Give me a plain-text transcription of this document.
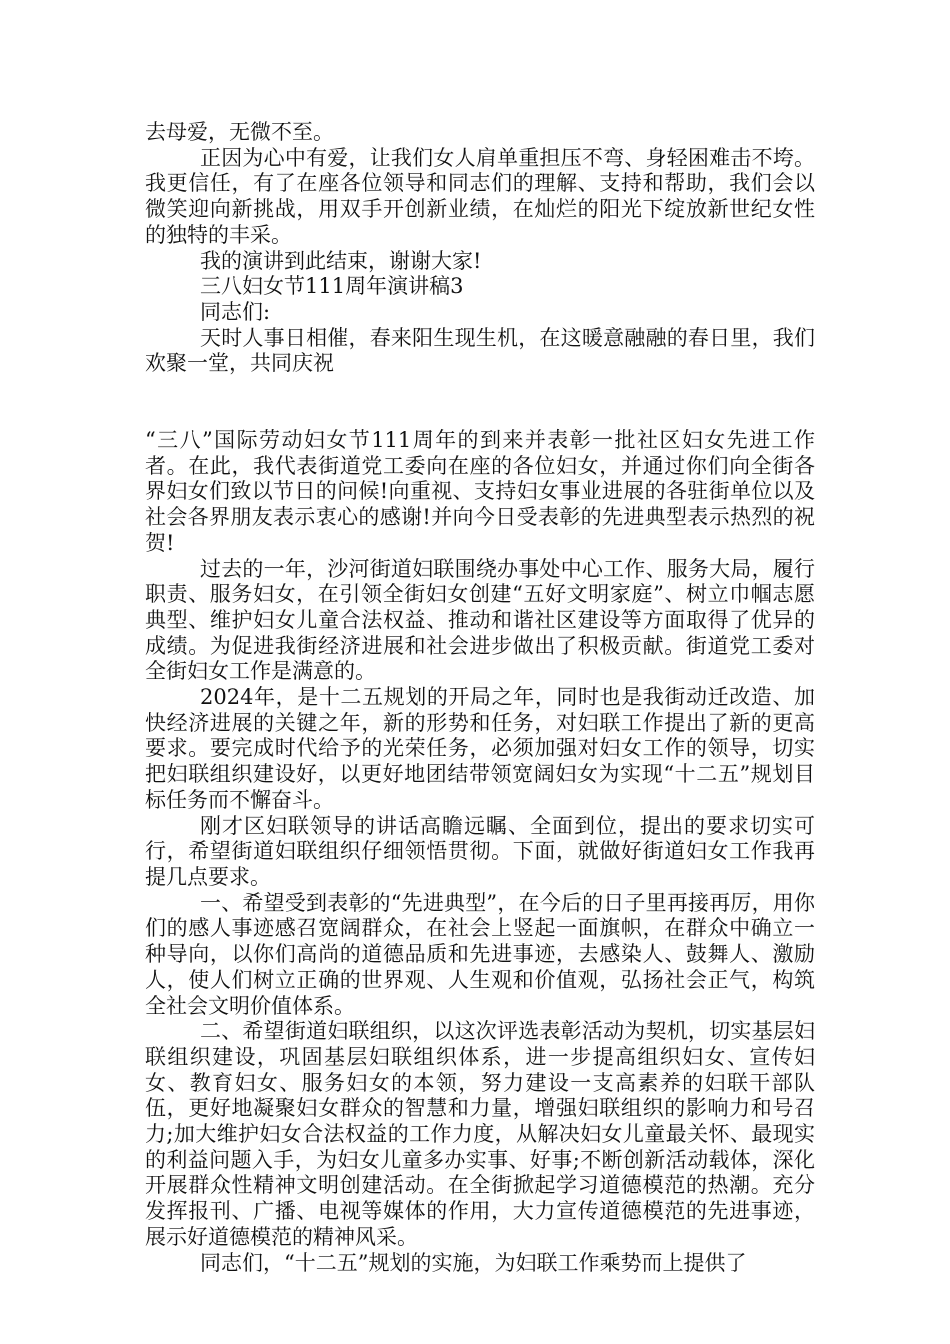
去母爱，无微不至。

正因为心中有爱，让我们女人肩单重担压不弯、身轻困难击不垮。我更信任，有了在座各位领导和同志们的理解、支持和帮助，我们会以微笑迎向新挑战，用双手开创新业绩，在灿烂的阳光下绽放新世纪女性的独特的丰采。

我的演讲到此结束，谢谢大家!

三八妇女节111周年演讲稿3

同志们:

天时人事日相催，春来阳生现生机，在这暖意融融的春日里，我们欢聚一堂，共同庆祝

“三八”国际劳动妇女节111周年的到来并表彰一批社区妇女先进工作者。在此，我代表街道党工委向在座的各位妇女，并通过你们向全街各界妇女们致以节日的问候!向重视、支持妇女事业进展的各驻街单位以及社会各界朋友表示衷心的感谢!并向今日受表彰的先进典型表示热烈的祝贺!

过去的一年，沙河街道妇联围绕办事处中心工作、服务大局，履行职责、服务妇女，在引领全街妇女创建“五好文明家庭”、树立巾帼志愿典型、维护妇女儿童合法权益、推动和谐社区建设等方面取得了优异的成绩。为促进我街经济进展和社会进步做出了积极贡献。街道党工委对全街妇女工作是满意的。

2024年，是十二五规划的开局之年，同时也是我街动迁改造、加快经济进展的关键之年，新的形势和任务，对妇联工作提出了新的更高要求。要完成时代给予的光荣任务，必须加强对妇女工作的领导，切实把妇联组织建设好，以更好地团结带领宽阔妇女为实现“十二五”规划目标任务而不懈奋斗。

刚才区妇联领导的讲话高瞻远瞩、全面到位，提出的要求切实可行，希望街道妇联组织仔细领悟贯彻。下面，就做好街道妇女工作我再提几点要求。

一、希望受到表彰的“先进典型”，在今后的日子里再接再厉，用你们的感人事迹感召宽阔群众，在社会上竖起一面旗帜，在群众中确立一种导向，以你们高尚的道德品质和先进事迹，去感染人、鼓舞人、激励人，使人们树立正确的世界观、人生观和价值观，弘扬社会正气，构筑全社会文明价值体系。

二、希望街道妇联组织，以这次评选表彰活动为契机，切实基层妇联组织建设，巩固基层妇联组织体系，进一步提高组织妇女、宣传妇女、教育妇女、服务妇女的本领，努力建设一支高素养的妇联干部队伍，更好地凝聚妇女群众的智慧和力量，增强妇联组织的影响力和号召力;加大维护妇女合法权益的工作力度，从解决妇女儿童最关怀、最现实的利益问题入手，为妇女儿童多办实事、好事;不断创新活动载体，深化开展群众性精神文明创建活动。在全街掀起学习道德模范的热潮。充分发挥报刊、广播、电视等媒体的作用，大力宣传道德模范的先进事迹，展示好道德模范的精神风采。

同志们，“十二五”规划的实施，为妇联工作乘势而上提供了
